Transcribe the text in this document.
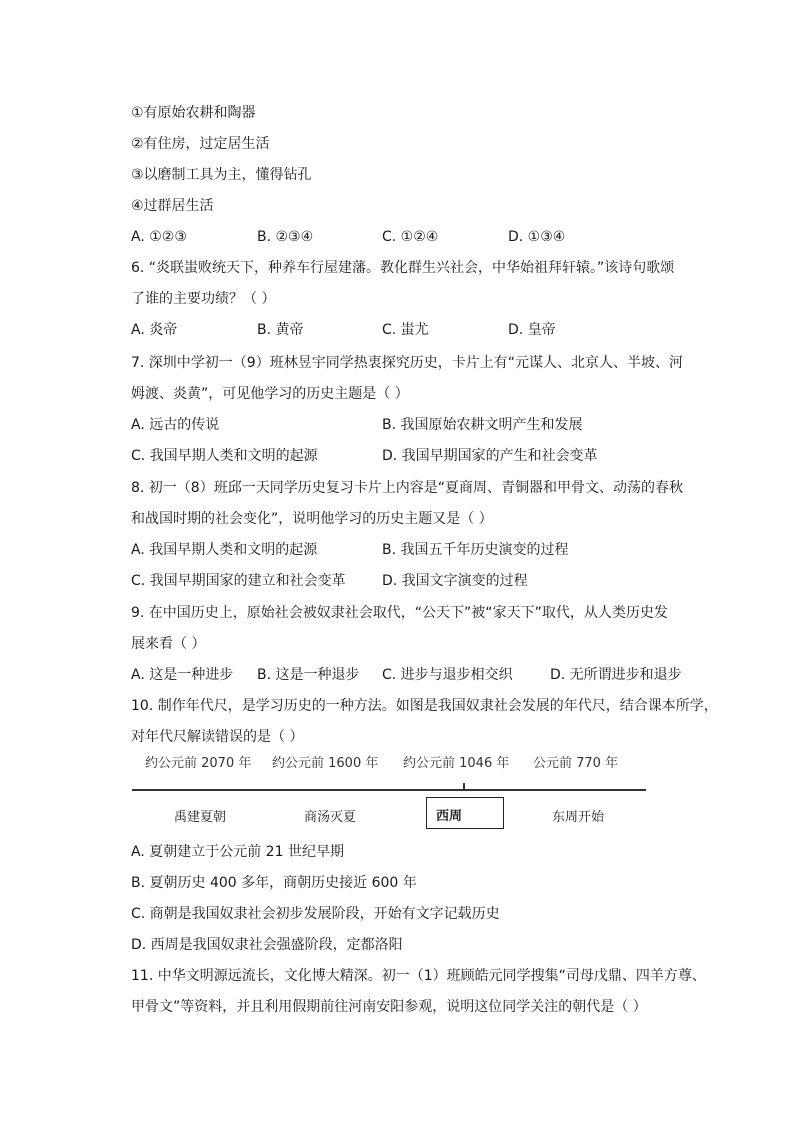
①有原始农耕和陶器
②有住房，过定居生活
③以磨制工具为主，懂得钻孔
④过群居生活
A. ①②③	B. ②③④	C. ①②④	D. ①③④
6. “炎联蚩败统天下，种养车行屋建藩。教化群生兴社会，中华始祖拜轩辕。”该诗句歌颂
了谁的主要功绩？（ ）
A. 炎帝	B. 黄帝	C. 蚩尤	D. 皇帝
7. 深圳中学初一（9）班林昱宇同学热衷探究历史，卡片上有“元谋人、北京人、半坡、河
姆渡、炎黄”，可见他学习的历史主题是（ ）
A. 远古的传说	B. 我国原始农耕文明产生和发展
C. 我国早期人类和文明的起源	D. 我国早期国家的产生和社会变革
8. 初一（8）班邱一天同学历史复习卡片上内容是“夏商周、青铜器和甲骨文、动荡的春秋
和战国时期的社会变化”，说明他学习的历史主题又是（ ）
A. 我国早期人类和文明的起源	B. 我国五千年历史演变的过程
C. 我国早期国家的建立和社会变革	D. 我国文字演变的过程
9. 在中国历史上，原始社会被奴隶社会取代，“公天下”被“家天下”取代，从人类历史发
展来看（ ）
A. 这是一种进步 B. 这是一种退步 C. 进步与退步相交织	D. 无所谓进步和退步
10. 制作年代尺，是学习历史的一种方法。如图是我国奴隶社会发展的年代尺，结合课本所学，
对年代尺解读错误的是（ ）
约公元前 2070 年 约公元前 1600 年 约公元前 1046 年 公元前 770 年
禹建夏朝	商汤灭夏	西周	东周开始
A. 夏朝建立于公元前 21 世纪早期
B. 夏朝历史 400 多年，商朝历史接近 600 年
C. 商朝是我国奴隶社会初步发展阶段，开始有文字记载历史
D. 西周是我国奴隶社会强盛阶段，定都洛阳
11. 中华文明源远流长，文化博大精深。初一（1）班顾皓元同学搜集“司母戊鼎、四羊方尊、
甲骨文”等资料，并且利用假期前往河南安阳参观，说明这位同学关注的朝代是（ ）
